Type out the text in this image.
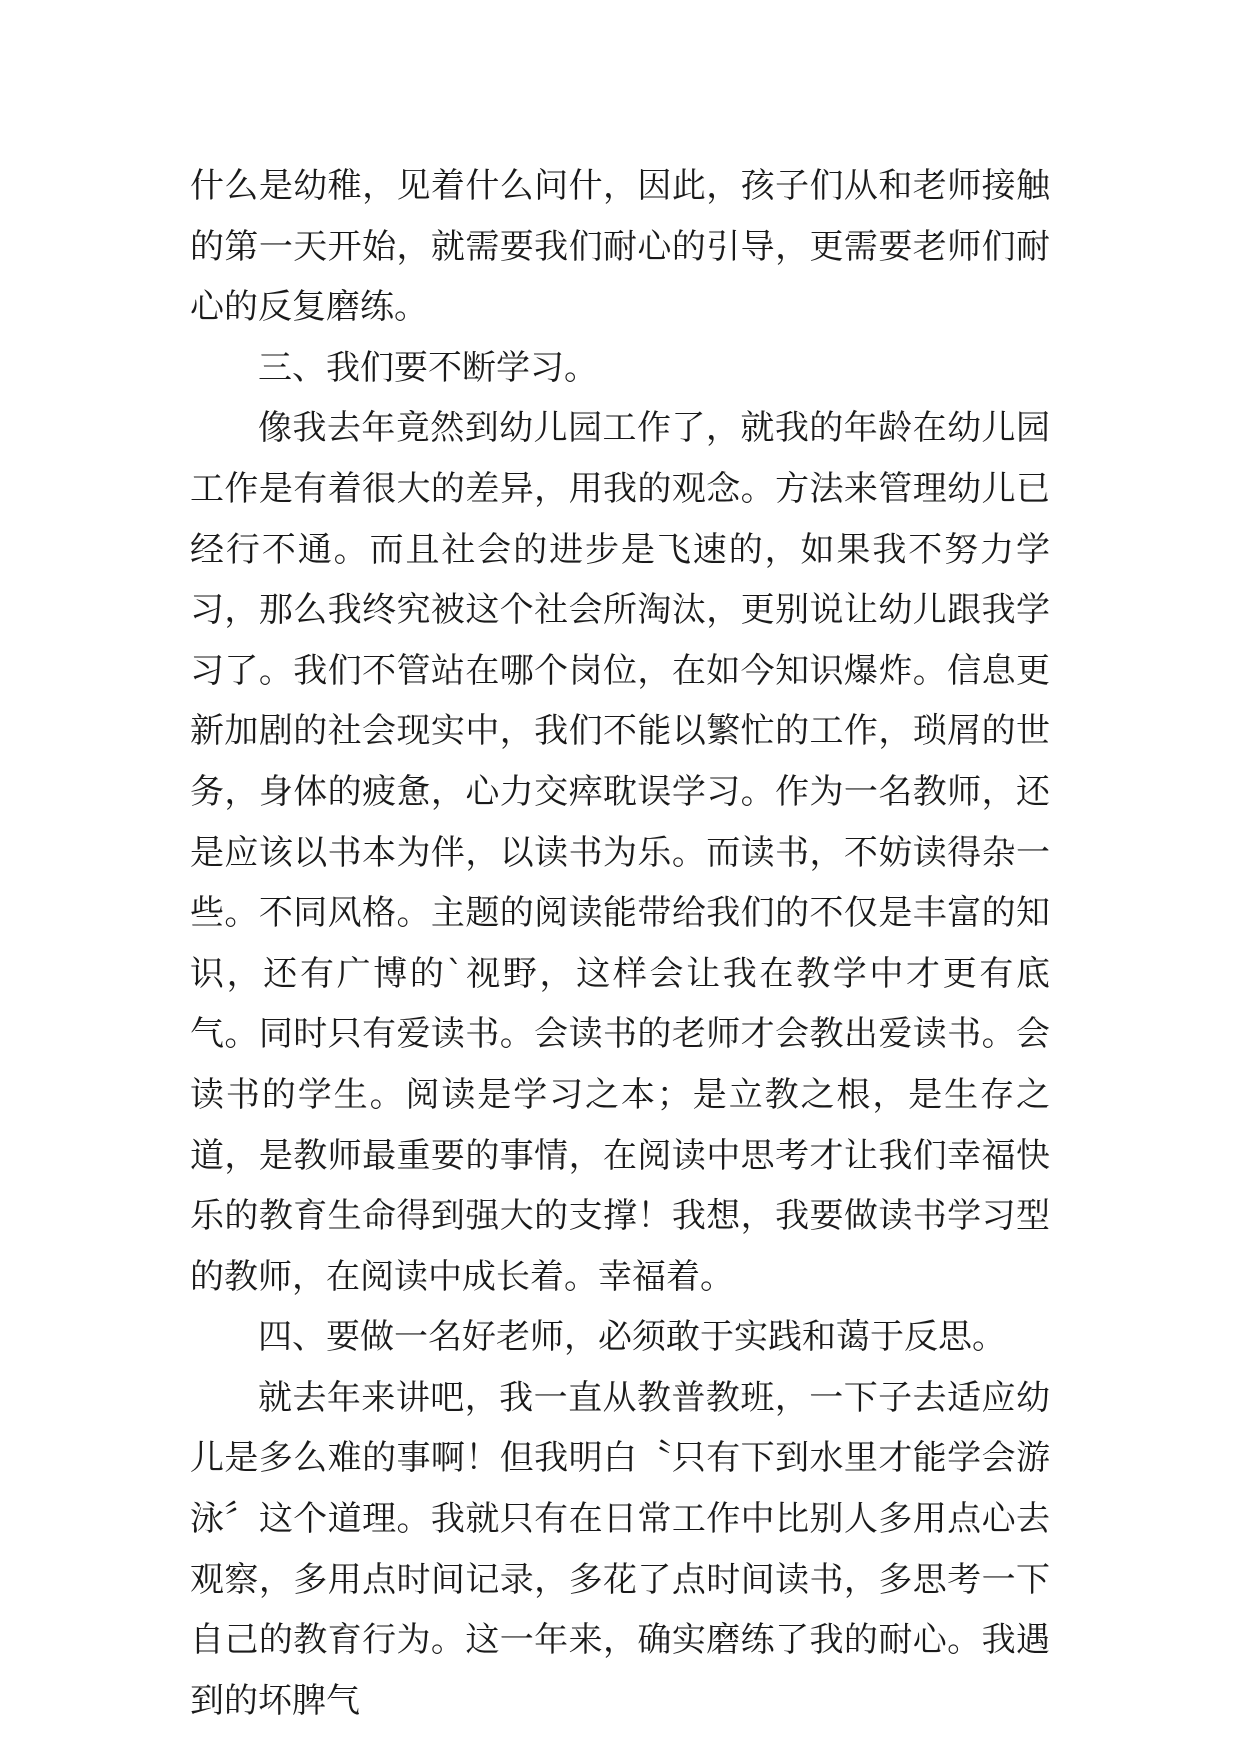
什么是幼稚，见着什么问什，因此，孩子们从和老师接触的第一天开始，就需要我们耐心的引导，更需要老师们耐心的反复磨练。

三、我们要不断学习。

像我去年竟然到幼儿园工作了，就我的年龄在幼儿园工作是有着很大的差异，用我的观念。方法来管理幼儿已经行不通。而且社会的进步是飞速的，如果我不努力学习，那么我终究被这个社会所淘汰，更别说让幼儿跟我学习了。我们不管站在哪个岗位，在如今知识爆炸。信息更新加剧的社会现实中，我们不能以繁忙的工作，琐屑的世务，身体的疲惫，心力交瘁耽误学习。作为一名教师，还是应该以书本为伴，以读书为乐。而读书，不妨读得杂一些。不同风格。主题的阅读能带给我们的不仅是丰富的知识，还有广博的`视野，这样会让我在教学中才更有底气。同时只有爱读书。会读书的老师才会教出爱读书。会读书的学生。阅读是学习之本；是立教之根，是生存之道，是教师最重要的事情，在阅读中思考才让我们幸福快乐的教育生命得到强大的支撑！我想，我要做读书学习型的教师，在阅读中成长着。幸福着。

四、要做一名好老师，必须敢于实践和蔼于反思。

就去年来讲吧，我一直从教普教班，一下子去适应幼儿是多么难的事啊！但我明白〝只有下到水里才能学会游泳〞这个道理。我就只有在日常工作中比别人多用点心去观察，多用点时间记录，多花了点时间读书，多思考一下自己的教育行为。这一年来，确实磨练了我的耐心。我遇到的坏脾气
